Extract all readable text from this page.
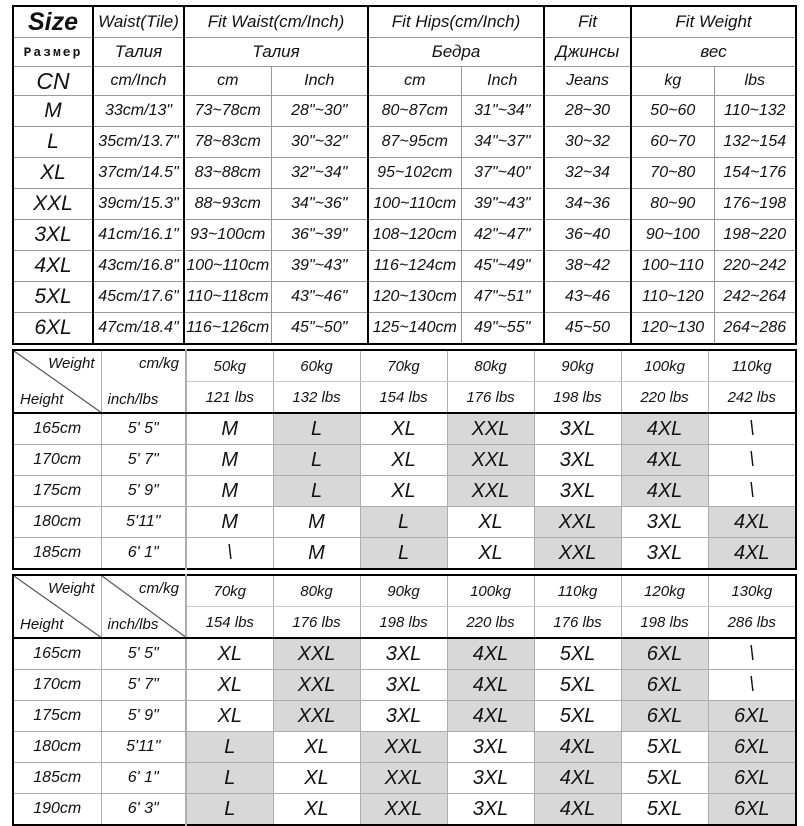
Size	Waist(Tile)	Fit Waist(cm/Inch)		Fit Hips(cm/Inch)		Fit	Fit Weight	
Размер	Талия	Талия		Бедра		Джинсы	вес	
CN	cm/Inch	cm	Inch	cm	Inch	Jeans	kg	lbs
M	33cm/13"	73~78cm	28"~30"	80~87cm	31"~34"	28~30	50~60	110~132
L	35cm/13.7"	78~83cm	30"~32"	87~95cm	34"~37"	30~32	60~70	132~154
XL	37cm/14.5"	83~88cm	32"~34"	95~102cm	37"~40"	32~34	70~80	154~176
XXL	39cm/15.3"	88~93cm	34"~36"	100~110cm	39"~43"	34~36	80~90	176~198
3XL	41cm/16.1"	93~100cm	36"~39"	108~120cm	42"~47"	36~40	90~100	198~220
4XL	43cm/16.8"	100~110cm	39"~43"	116~124cm	45"~49"	38~42	100~110	220~242
5XL	45cm/17.6"	110~118cm	43"~46"	120~130cm	47"~51"	43~46	110~120	242~264
6XL	47cm/18.4"	116~126cm	45"~50"	125~140cm	49"~55"	45~50	120~130	264~286
Weight
Height	cm/kg
inch/lbs	50kg	60kg	70kg	80kg	90kg	100kg	110kg
		121 lbs	132 lbs	154 lbs	176 lbs	198 lbs	220 lbs	242 lbs
165cm	5' 5"	M	L	XL	XXL	3XL	4XL	\
170cm	5' 7"	M	L	XL	XXL	3XL	4XL	\
175cm	5' 9"	M	L	XL	XXL	3XL	4XL	\
180cm	5'11"	M	M	L	XL	XXL	3XL	4XL
185cm	6' 1"	\	M	L	XL	XXL	3XL	4XL
Weight
Height	cm/kg
inch/lbs	70kg	80kg	90kg	100kg	110kg	120kg	130kg
		154 lbs	176 lbs	198 lbs	220 lbs	176 lbs	198 lbs	286 lbs
165cm	5' 5"	XL	XXL	3XL	4XL	5XL	6XL	\
170cm	5' 7"	XL	XXL	3XL	4XL	5XL	6XL	\
175cm	5' 9"	XL	XXL	3XL	4XL	5XL	6XL	6XL
180cm	5'11"	L	XL	XXL	3XL	4XL	5XL	6XL
185cm	6' 1"	L	XL	XXL	3XL	4XL	5XL	6XL
190cm	6' 3"	L	XL	XXL	3XL	4XL	5XL	6XL
